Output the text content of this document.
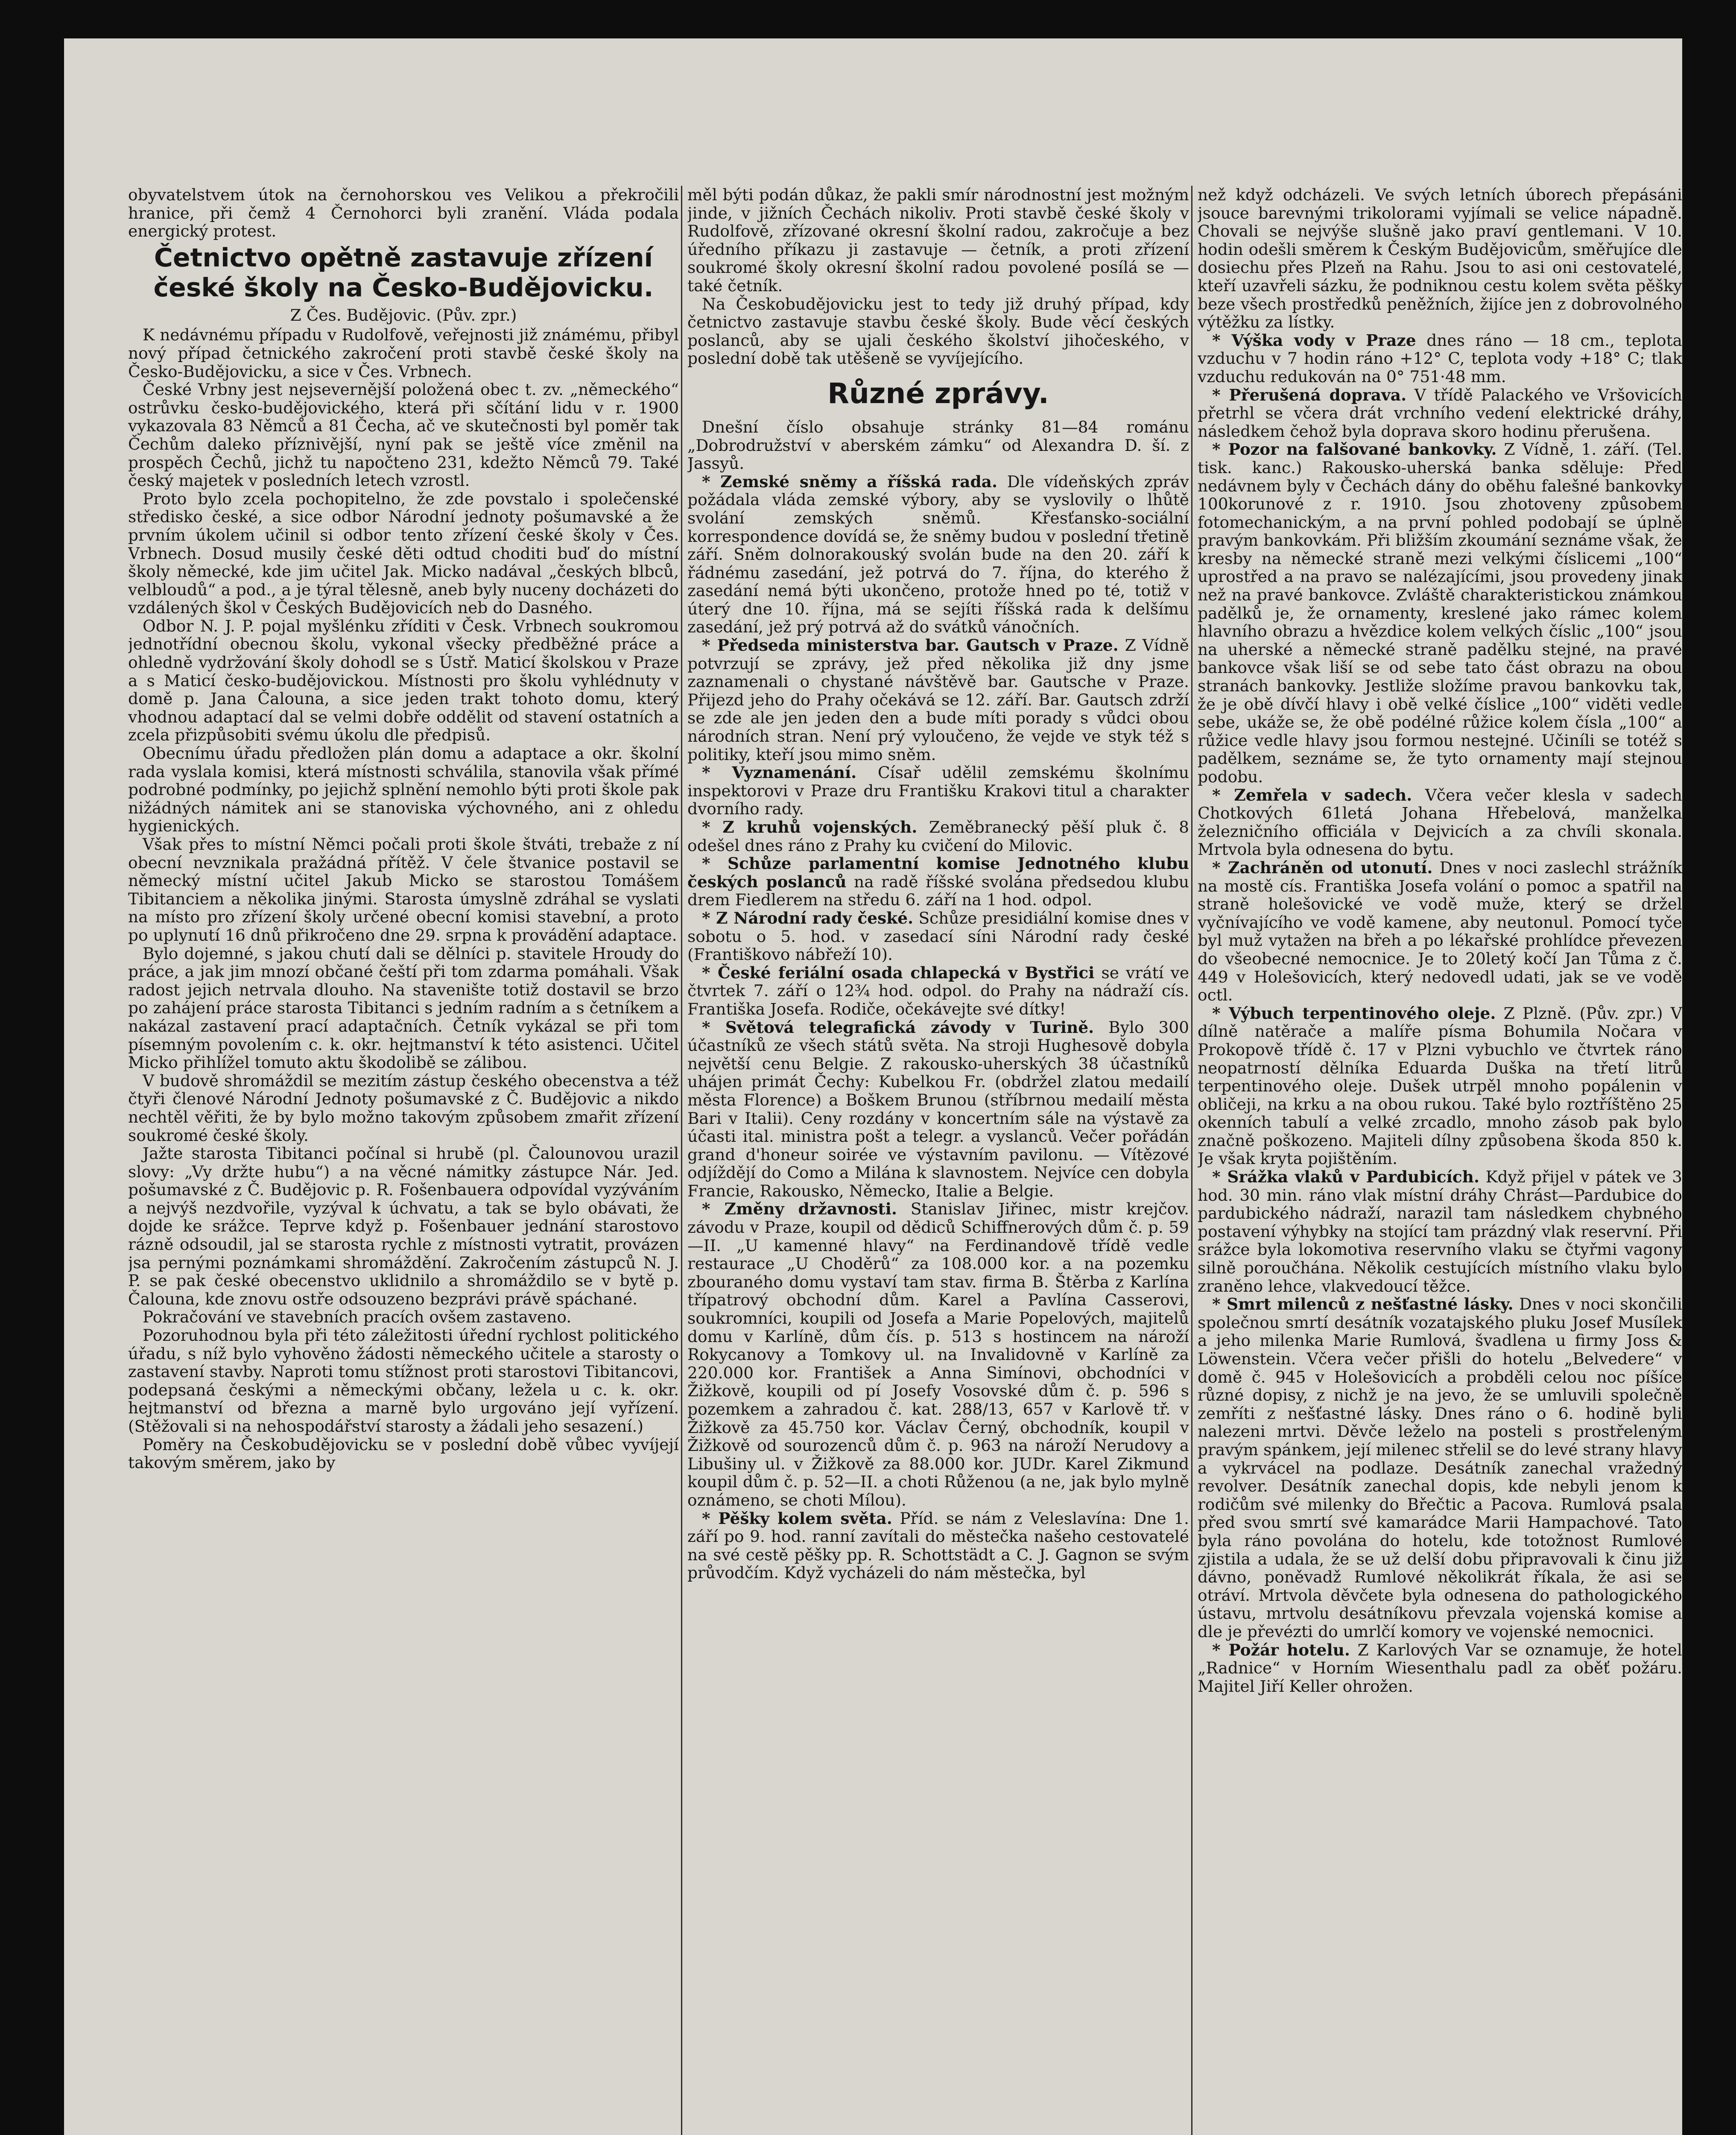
obyvatelstvem útok na černohorskou ves Velikou a překročili hranice, při čemž 4 Černohorci byli zranění. Vláda podala energický protest.

Četnictvo opětně zastavuje zřízení české školy na Česko-Budějovicku.
Z Čes. Budějovic. (Pův. zpr.)

K nedávnému případu v Rudolfově, veřejnosti již známému, přibyl nový případ četnického zakročení proti stavbě české školy na Česko-Budějovicku, a sice v Čes. Vrbnech.

České Vrbny jest nejsevernější položená obec t. zv. „německého“ ostrůvku česko-budějovického, která při sčítání lidu v r. 1900 vykazovala 83 Němců a 81 Čecha, ač ve skutečnosti byl poměr tak Čechům daleko příznivější, nyní pak se ještě více změnil na prospěch Čechů, jichž tu napočteno 231, kdežto Němců 79. Také český majetek v posledních letech vzrostl.

Proto bylo zcela pochopitelno, že zde povstalo i společenské středisko české, a sice odbor Národní jednoty pošumavské a že prvním úkolem učinil si odbor tento zřízení české školy v Čes. Vrbnech. Dosud musily české děti odtud choditi buď do místní školy německé, kde jim učitel Jak. Micko nadával „českých blbců, velbloudů“ a pod., a je týral tělesně, aneb byly nuceny docházeti do vzdálených škol v Českých Budějovicích neb do Dasného.

Odbor N. J. P. pojal myšlénku zříditi v Česk. Vrbnech soukromou jednotřídní obecnou školu, vykonal všecky předběžné práce a ohledně vydržování školy dohodl se s Ústř. Maticí školskou v Praze a s Maticí česko-budějovickou. Místnosti pro školu vyhlédnuty v domě p. Jana Čalouna, a sice jeden trakt tohoto domu, který vhodnou adaptací dal se velmi dobře oddělit od stavení ostatních a zcela přizpůsobiti svému úkolu dle předpisů.

Obecnímu úřadu předložen plán domu a adaptace a okr. školní rada vyslala komisi, která místnosti schválila, stanovila však přímé podrobné podmínky, po jejichž splnění nemohlo býti proti škole pak nižádných námitek ani se stanoviska výchovného, ani z ohledu hygienických.

Však přes to místní Němci počali proti škole štváti, trebaže z ní obecní nevznikala pražádná přítěž. V čele štvanice postavil se německý místní učitel Jakub Micko se starostou Tomášem Tibitanciem a několika jinými. Starosta úmyslně zdráhal se vyslati na místo pro zřízení školy určené obecní komisi stavební, a proto po uplynutí 16 dnů přikročeno dne 29. srpna k provádění adaptace.

Bylo dojemné, s jakou chutí dali se dělníci p. stavitele Hroudy do práce, a jak jim mnozí občané čeští při tom zdarma pomáhali. Však radost jejich netrvala dlouho. Na stavenište totiž dostavil se brzo po zahájení práce starosta Tibitanci s jedním radním a s četníkem a nakázal zastavení prací adaptačních. Četník vykázal se při tom písemným povolením c. k. okr. hejtmanství k této asistenci. Učitel Micko přihlížel tomuto aktu škodolibě se zálibou.

V budově shromáždil se mezitím zástup českého obecenstva a též čtyři členové Národní Jednoty pošumavské z Č. Budějovic a nikdo nechtěl věřiti, že by bylo možno takovým způsobem zmařit zřízení soukromé české školy.

Jažte starosta Tibitanci počínal si hrubě (pl. Čalounovou urazil slovy: „Vy držte hubu“) a na věcné námitky zástupce Nár. Jed. pošumavské z Č. Budějovic p. R. Fošenbauera odpovídal vyzýváním a nejvýš nezdvořile, vyzýval k úchvatu, a tak se bylo obávati, že dojde ke srážce. Teprve když p. Fošenbauer jednání starostovo rázně odsoudil, jal se starosta rychle z místnosti vytratit, provázen jsa pernými poznámkami shromáždění. Zakročením zástupců N. J. P. se pak české obecenstvo uklidnilo a shromáždilo se v bytě p. Čalouna, kde znovu ostře odsouzeno bezprávi právě spáchané.

Pokračování ve stavebních pracích ovšem zastaveno.

Pozoruhodnou byla při této záležitosti úřední rychlost politického úřadu, s níž bylo vyhověno žádosti německého učitele a starosty o zastavení stavby. Naproti tomu stížnost proti starostovi Tibitancovi, podepsaná českými a německými občany, ležela u c. k. okr. hejtmanství od března a marně bylo urgováno její vyřízení. (Stěžovali si na nehospodářství starosty a žádali jeho sesazení.)

Poměry na Českobudějovicku se v poslední době vůbec vyvíjejí takovým směrem, jako by

měl býti podán důkaz, že pakli smír národnostní jest možným jinde, v jižních Čechách nikoliv. Proti stavbě české školy v Rudolfově, zřízované okresní školní radou, zakročuje a bez úředního příkazu ji zastavuje — četník, a proti zřízení soukromé školy okresní školní radou povolené posílá se — také četník.

Na Českobudějovicku jest to tedy již druhý případ, kdy četnictvo zastavuje stavbu české školy. Bude věcí českých poslanců, aby se ujali českého školství jihočeského, v poslední době tak utěšeně se vyvíjejícího.

Různé zprávy.

Dnešní číslo obsahuje stránky 81—84 románu „Dobrodružství v aberském zámku“ od Alexandra D. ší. z Jassyů.

* Zemské sněmy a říšská rada. Dle vídeňských zpráv požádala vláda zemské výbory, aby se vyslovily o lhůtě svolání zemských sněmů. Křesťansko-sociální korrespondence dovídá se, že sněmy budou v poslední třetině září. Sněm dolnorakouský svolán bude na den 20. září k řádnému zasedání, jež potrvá do 7. října, do kterého ž zasedání nemá býti ukončeno, protože hned po té, totiž v úterý dne 10. října, má se sejíti říšská rada k delšímu zasedání, jež prý potrvá až do svátků vánočních.

* Předseda ministerstva bar. Gautsch v Praze. Z Vídně potvrzují se zprávy, jež před několika již dny jsme zaznamenali o chystané návštěvě bar. Gautsche v Praze. Přijezd jeho do Prahy očekává se 12. září. Bar. Gautsch zdrží se zde ale jen jeden den a bude míti porady s vůdci obou národních stran. Není prý vyloučeno, že vejde ve styk též s politiky, kteří jsou mimo sněm.

* Vyznamenání. Císař udělil zemskému školnímu inspektorovi v Praze dru Františku Krakovi titul a charakter dvorního rady.

* Z kruhů vojenských. Zeměbranecký pěší pluk č. 8 odešel dnes ráno z Prahy ku cvičení do Milovic.

* Schůze parlamentní komise Jednotného klubu českých poslanců na radě říšské svolána předsedou klubu drem Fiedlerem na středu 6. září na 1 hod. odpol.

* Z Národní rady české. Schůze presidiální komise dnes v sobotu o 5. hod. v zasedací síni Národní rady české (Františkovo nábřeží 10).

* České feriální osada chlapecká v Bystřici se vrátí ve čtvrtek 7. září o 12¾ hod. odpol. do Prahy na nádraží cís. Františka Josefa. Rodiče, očekávejte své dítky!

* Světová telegrafická závody v Turině. Bylo 300 účastníků ze všech států světa. Na stroji Hughesově dobyla největší cenu Belgie. Z rakousko-uherských 38 účastníků uhájen primát Čechy: Kubelkou Fr. (obdržel zlatou medailí města Florence) a Boškem Brunou (stříbrnou medailí města Bari v Italii). Ceny rozdány v koncertním sále na výstavě za účasti ital. ministra pošt a telegr. a vyslanců. Večer pořádán grand d'honeur soirée ve výstavním pavilonu. — Vítězové odjíždějí do Como a Milána k slavnostem. Nejvíce cen dobyla Francie, Rakousko, Německo, Italie a Belgie.

* Změny državnosti. Stanislav Jiřinec, mistr krejčov. závodu v Praze, koupil od dědiců Schiffnerových dům č. p. 59—II. „U kamenné hlavy“ na Ferdinandově třídě vedle restaurace „U Choděrů“ za 108.000 kor. a na pozemku zbouraného domu vystaví tam stav. firma B. Štěrba z Karlína třípatrový obchodní dům. Karel a Pavlína Casserovi, soukromníci, koupili od Josefa a Marie Popelových, majitelů domu v Karlíně, dům čís. p. 513 s hostincem na nároží Rokycanovy a Tomkovy ul. na Invalidovně v Karlíně za 220.000 kor. František a Anna Simínovi, obchodníci v Žižkově, koupili od pí Josefy Vosovské dům č. p. 596 s pozemkem a zahradou č. kat. 288/13, 657 v Karlově tř. v Žižkově za 45.750 kor. Václav Černý, obchodník, koupil v Žižkově od sourozenců dům č. p. 963 na nároží Nerudovy a Libušiny ul. v Žižkově za 88.000 kor. JUDr. Karel Zikmund koupil dům č. p. 52—II. a choti Růženou (a ne, jak bylo mylně oznámeno, se choti Mílou).

* Pěšky kolem světa. Příd. se nám z Veleslavína: Dne 1. září po 9. hod. ranní zavítali do městečka našeho cestovatelé na své cestě pěšky pp. R. Schottstädt a C. J. Gagnon se svým průvodčím. Když vycházeli do nám městečka, byl

než když odcházeli. Ve svých letních úborech přepásáni jsouce barevnými trikolorami vyjímali se velice nápadně. Chovali se nejvýše slušně jako praví gentlemani. V 10. hodin odešli směrem k Českým Budějovicům, směřujíce dle dosiechu přes Plzeň na Rahu. Jsou to asi oni cestovatelé, kteří uzavřeli sázku, že podniknou cestu kolem světa pěšky beze všech prostředků peněžních, žijíce jen z dobrovolného výtěžku za lístky.

* Výška vody v Praze dnes ráno — 18 cm., teplota vzduchu v 7 hodin ráno +12° C, teplota vody +18° C; tlak vzduchu redukován na 0° 751·48 mm.

* Přerušená doprava. V třídě Palackého ve Vršovicích přetrhl se včera drát vrchního vedení elektrické dráhy, následkem čehož byla doprava skoro hodinu přerušena.

* Pozor na falšované bankovky. Z Vídně, 1. září. (Tel. tisk. kanc.) Rakousko-uherská banka sděluje: Před nedávnem byly v Čechách dány do oběhu falešné bankovky 100korunové z r. 1910. Jsou zhotoveny způsobem fotomechanickým, a na první pohled podobají se úplně pravým bankovkám. Při bližším zkoumání seznáme však, že kresby na německé straně mezi velkými číslicemi „100“ uprostřed a na pravo se nalézajícími, jsou provedeny jinak než na pravé bankovce. Zvláště charakteristickou známkou padělků je, že ornamenty, kreslené jako rámec kolem hlavního obrazu a hvězdice kolem velkých číslic „100“ jsou na uherské a německé straně padělku stejné, na pravé bankovce však liší se od sebe tato část obrazu na obou stranách bankovky. Jestliže složíme pravou bankovku tak, že je obě dívčí hlavy i obě velké číslice „100“ viděti vedle sebe, ukáže se, že obě podélné růžice kolem čísla „100“ a růžice vedle hlavy jsou formou nestejné. Učiníli se totéž s padělkem, seznáme se, že tyto ornamenty mají stejnou podobu.

* Zemřela v sadech. Včera večer klesla v sadech Chotkových 61letá Johana Hřebelová, manželka železničního officiála v Dejvicích a za chvíli skonala. Mrtvola byla odnesena do bytu.

* Zachráněn od utonutí. Dnes v noci zaslechl strážník na mostě cís. Františka Josefa volání o pomoc a spatřil na straně holešovické ve vodě muže, který se držel vyčnívajícího ve vodě kamene, aby neutonul. Pomocí tyče byl muž vytažen na břeh a po lékařské prohlídce převezen do všeobecné nemocnice. Je to 20letý kočí Jan Tůma z č. 449 v Holešovicích, který nedovedl udati, jak se ve vodě octl.

* Výbuch terpentinového oleje. Z Plzně. (Pův. zpr.) V dílně natěrače a malíře písma Bohumila Nočara v Prokopově třídě č. 17 v Plzni vybuchlo ve čtvrtek ráno neopatrností dělníka Eduarda Duška na třetí litrů terpentinového oleje. Dušek utrpěl mnoho popálenin v obličeji, na krku a na obou rukou. Také bylo roztříštěno 25 okenních tabulí a velké zrcadlo, mnoho zásob pak bylo značně poškozeno. Majiteli dílny způsobena škoda 850 k. Je však kryta pojištěním.

* Srážka vlaků v Pardubicích. Když přijel v pátek ve 3 hod. 30 min. ráno vlak místní dráhy Chrást—Pardubice do pardubického nádraží, narazil tam následkem chybného postavení výhybky na stojící tam prázdný vlak reservní. Při srážce byla lokomotiva reservního vlaku se čtyřmi vagony silně poroučhána. Několik cestujících místního vlaku bylo zraněno lehce, vlakvedoucí těžce.

* Smrt milenců z nešťastné lásky. Dnes v noci skončili společnou smrtí desátník vozatajského pluku Josef Musílek a jeho milenka Marie Rumlová, švadlena u firmy Joss & Löwenstein. Včera večer přišli do hotelu „Belvedere“ v domě č. 945 v Holešovicích a probděli celou noc píšíce různé dopisy, z nichž je na jevo, že se umluvili společně zemříti z nešťastné lásky. Dnes ráno o 6. hodině byli nalezeni mrtvi. Děvče leželo na posteli s prostřeleným pravým spánkem, její milenec střelil se do levé strany hlavy a vykrvácel na podlaze. Desátník zanechal vražedný revolver. Desátník zanechal dopis, kde nebyli jenom k rodičům své milenky do Břečtic a Pacova. Rumlová psala před svou smrtí své kamarádce Marii Hampachové. Tato byla ráno povolána do hotelu, kde totožnost Rumlové zjistila a udala, že se už delší dobu připravovali k činu již dávno, poněvadž Rumlové několikrát říkala, že asi se otráví. Mrtvola děvčete byla odnesena do pathologického ústavu, mrtvolu desátníkovu převzala vojenská komise a dle je převézti do umrlčí komory ve vojenské nemocnici.

* Požár hotelu. Z Karlových Var se oznamuje, že hotel „Radnice“ v Horním Wiesenthalu padl za oběť požáru. Majitel Jiří Keller ohrožen.
